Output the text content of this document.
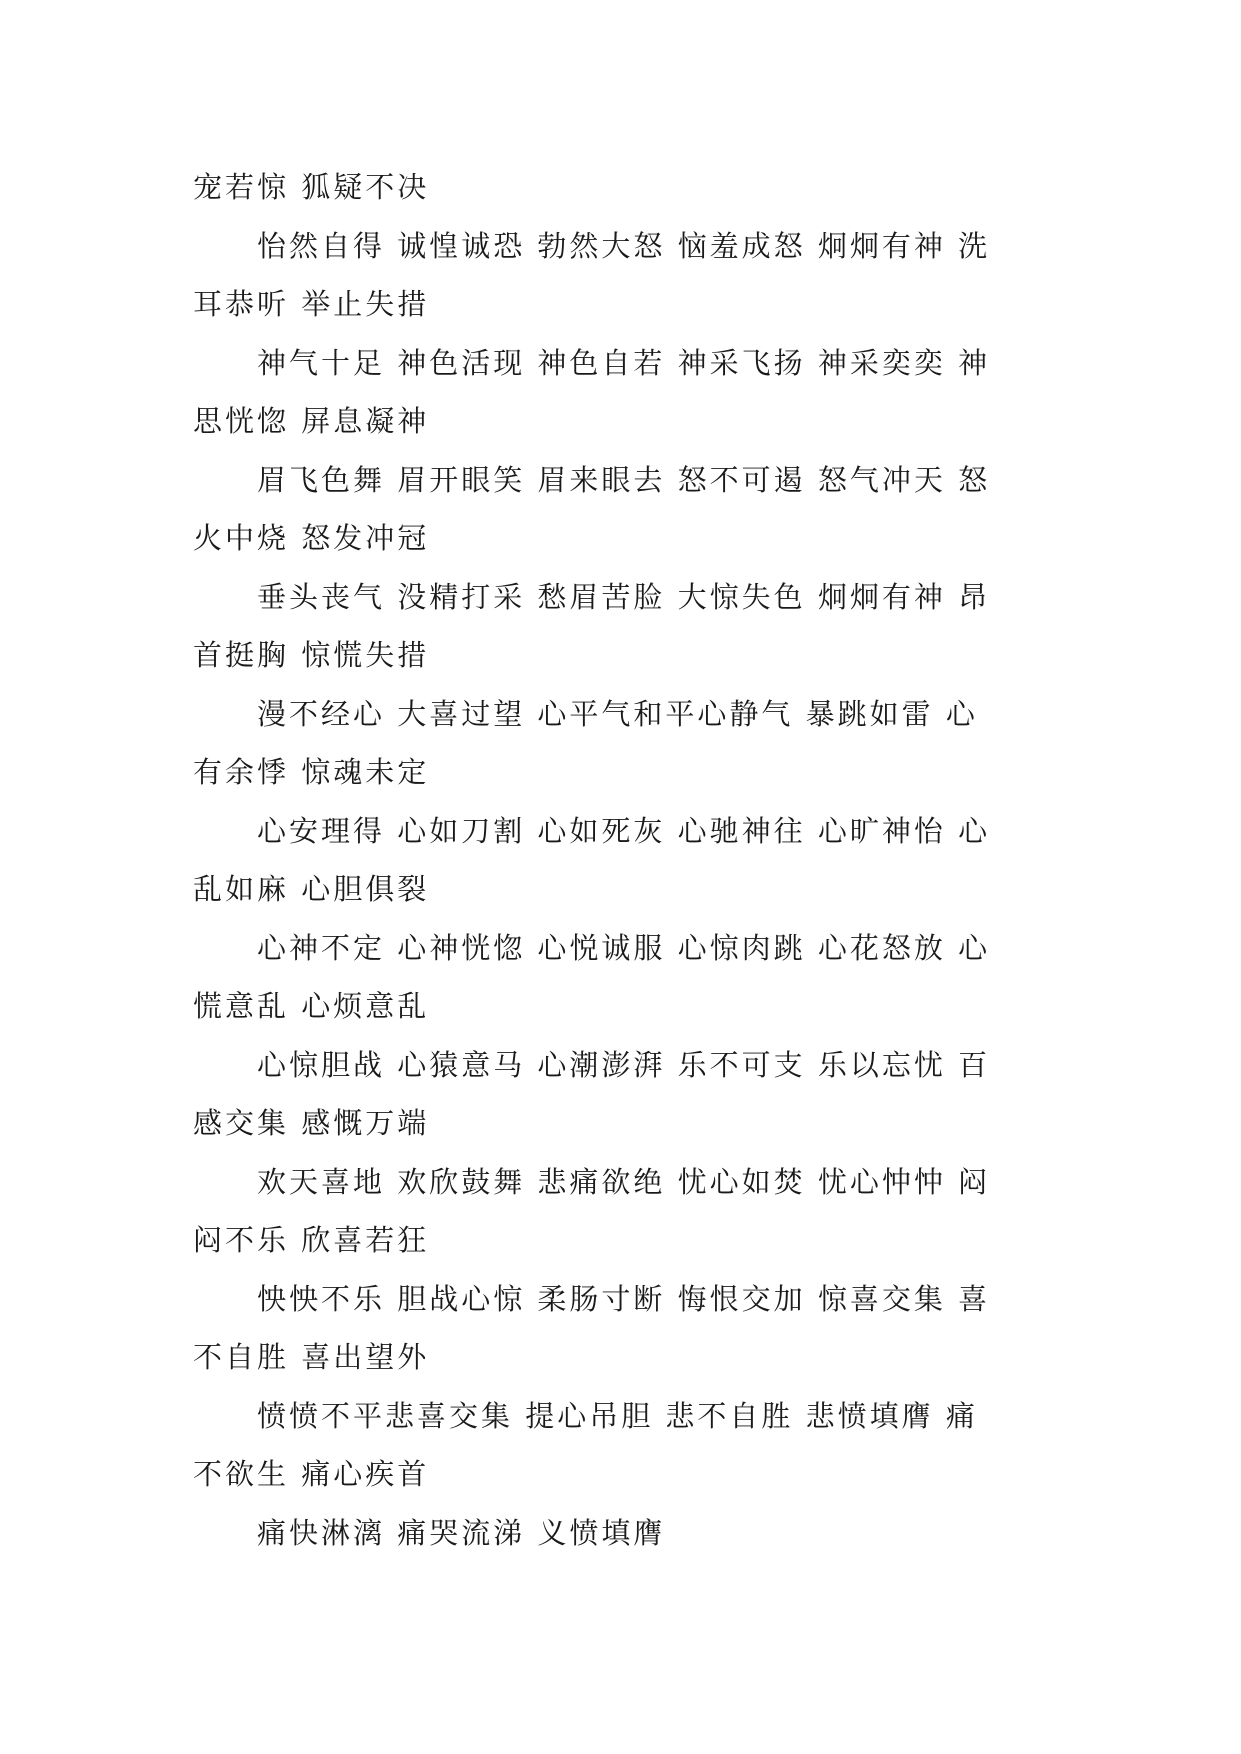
宠若惊 狐疑不决
怡然自得 诚惶诚恐 勃然大怒 恼羞成怒 炯炯有神 洗
耳恭听 举止失措
神气十足 神色活现 神色自若 神采飞扬 神采奕奕 神
思恍惚 屏息凝神
眉飞色舞 眉开眼笑 眉来眼去 怒不可遏 怒气冲天 怒
火中烧 怒发冲冠
垂头丧气 没精打采 愁眉苦脸 大惊失色 炯炯有神 昂
首挺胸 惊慌失措
漫不经心 大喜过望 心平气和平心静气 暴跳如雷 心
有余悸 惊魂未定
心安理得 心如刀割 心如死灰 心驰神往 心旷神怡 心
乱如麻 心胆俱裂
心神不定 心神恍惚 心悦诚服 心惊肉跳 心花怒放 心
慌意乱 心烦意乱
心惊胆战 心猿意马 心潮澎湃 乐不可支 乐以忘忧 百
感交集 感慨万端
欢天喜地 欢欣鼓舞 悲痛欲绝 忧心如焚 忧心忡忡 闷
闷不乐 欣喜若狂
怏怏不乐 胆战心惊 柔肠寸断 悔恨交加 惊喜交集 喜
不自胜 喜出望外
愤愤不平悲喜交集 提心吊胆 悲不自胜 悲愤填膺 痛
不欲生 痛心疾首
痛快淋漓 痛哭流涕 义愤填膺
